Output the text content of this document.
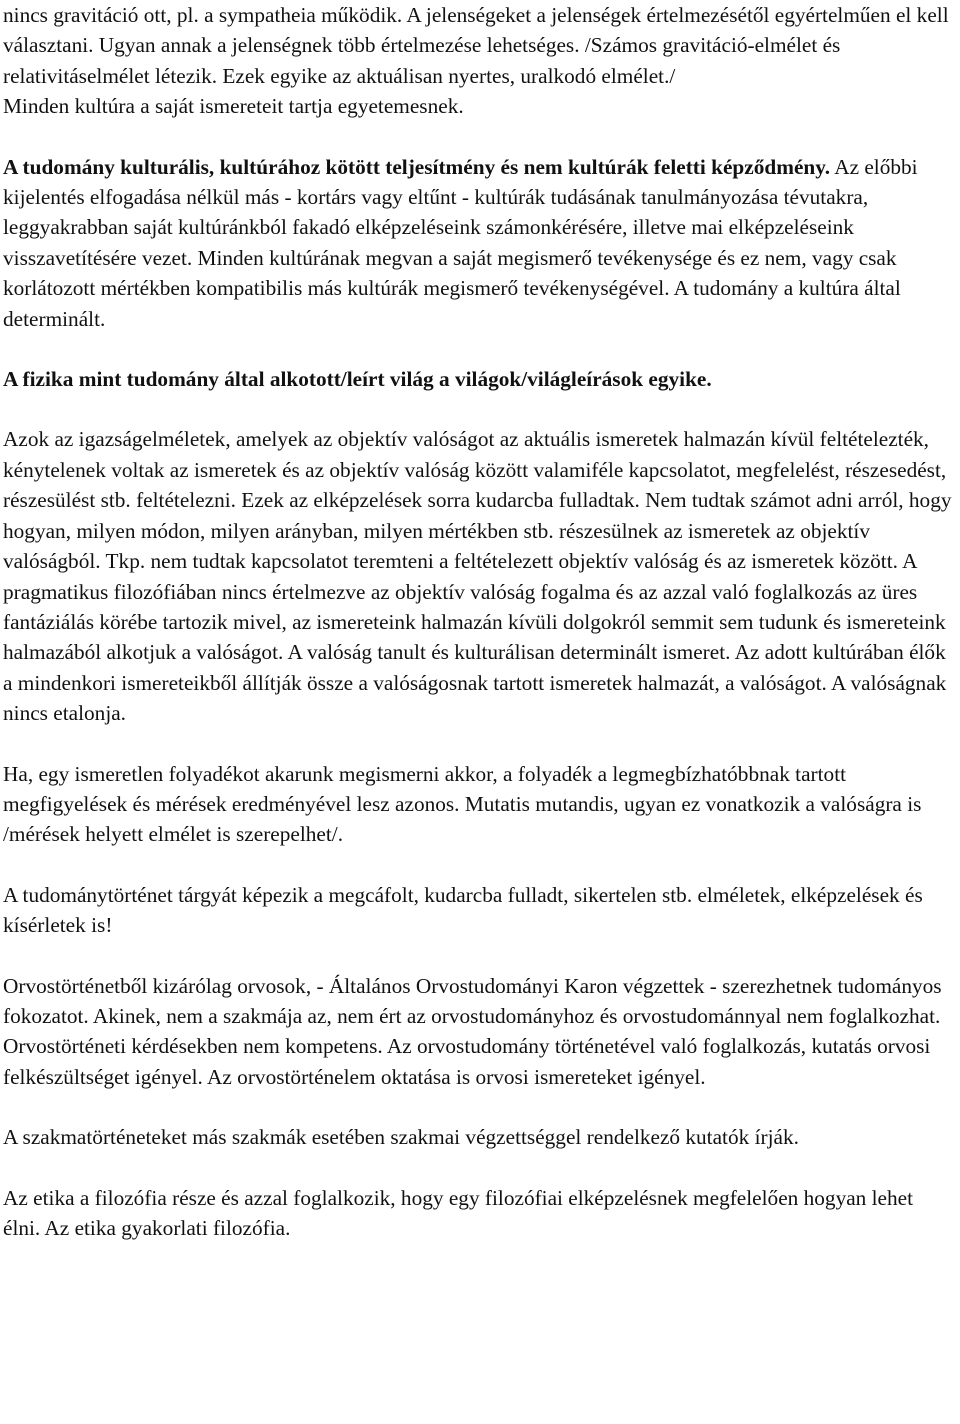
nincs gravitáció ott, pl. a sympatheia működik. A jelenségeket a jelenségek értelmezésétől egyértelműen el kell választani. Ugyan annak a jelenségnek több értelmezése lehetséges. /Számos gravitáció-elmélet és relativitáselmélet létezik. Ezek egyike az aktuálisan nyertes, uralkodó elmélet./

Minden kultúra a saját ismereteit tartja egyetemesnek.

A tudomány kulturális, kultúrához kötött teljesítmény és nem kultúrák feletti képződmény. Az előbbi kijelentés elfogadása nélkül más - kortárs vagy eltűnt - kultúrák tudásának tanulmányozása tévutakra, leggyakrabban saját kultúránkból fakadó elképzeléseink számonkérésére, illetve mai elképzeléseink visszavetítésére vezet. Minden kultúrának megvan a saját megismerő tevékenysége és ez nem, vagy csak korlátozott mértékben kompatibilis más kultúrák megismerő tevékenységével. A tudomány a kultúra által determinált.

A fizika mint tudomány által alkotott/leírt világ a világok/világleírások egyike.

Azok az igazságelméletek, amelyek az objektív valóságot az aktuális ismeretek halmazán kívül feltételezték, kénytelenek voltak az ismeretek és az objektív valóság között valamiféle kapcsolatot, megfelelést, részesedést, részesülést stb. feltételezni. Ezek az elképzelések sorra kudarcba fulladtak. Nem tudtak számot adni arról, hogy hogyan, milyen módon, milyen arányban, milyen mértékben stb. részesülnek az ismeretek az objektív valóságból. Tkp. nem tudtak kapcsolatot teremteni a feltételezett objektív valóság és az ismeretek között. A pragmatikus filozófiában nincs értelmezve az objektív valóság fogalma és az azzal való foglalkozás az üres fantáziálás körébe tartozik mivel, az ismereteink halmazán kívüli dolgokról semmit sem tudunk és ismereteink halmazából alkotjuk a valóságot. A valóság tanult és kulturálisan determinált ismeret. Az adott kultúrában élők a mindenkori ismereteikből állítják össze a valóságosnak tartott ismeretek halmazát, a valóságot. A valóságnak nincs etalonja.

Ha, egy ismeretlen folyadékot akarunk megismerni akkor, a folyadék a legmegbízhatóbbnak tartott megfigyelések és mérések eredményével lesz azonos. Mutatis mutandis, ugyan ez vonatkozik a valóságra is /mérések helyett elmélet is szerepelhet/.

A tudománytörténet tárgyát képezik a megcáfolt, kudarcba fulladt, sikertelen stb. elméletek, elképzelések és kísérletek is!

Orvostörténetből kizárólag orvosok, - Általános Orvostudományi Karon végzettek - szerezhetnek tudományos fokozatot. Akinek, nem a szakmája az, nem ért az orvostudományhoz és orvostudománnyal nem foglalkozhat. Orvostörténeti kérdésekben nem kompetens. Az orvostudomány történetével való foglalkozás, kutatás orvosi felkészültséget igényel. Az orvostörténelem oktatása is orvosi ismereteket igényel.

A szakmatörténeteket más szakmák esetében szakmai végzettséggel rendelkező kutatók írják.

Az etika a filozófia része és azzal foglalkozik, hogy egy filozófiai elképzelésnek megfelelően hogyan lehet élni. Az etika gyakorlati filozófia.
